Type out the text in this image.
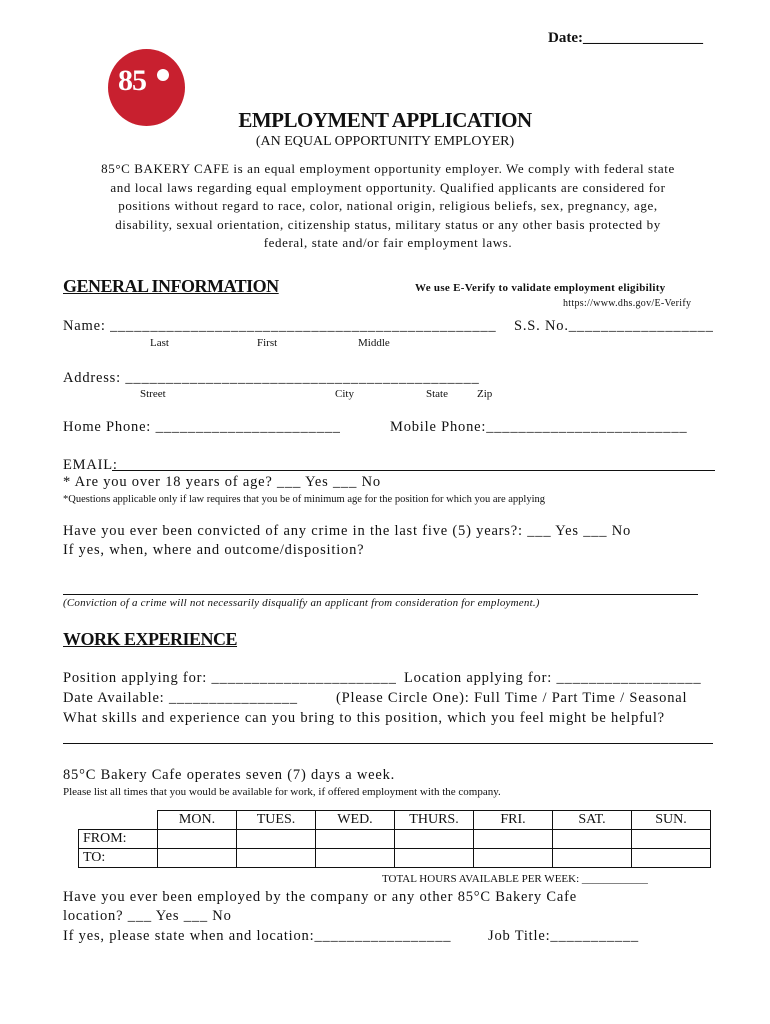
Date:________________
85
EMPLOYMENT APPLICATION
(AN EQUAL OPPORTUNITY EMPLOYER)
85°C BAKERY CAFE is an equal employment opportunity employer. We comply with federal state
and local laws regarding equal employment opportunity. Qualified applicants are considered for
positions without regard to race, color, national origin, religious beliefs, sex, pregnancy, age,
disability, sexual orientation, citizenship status, military status or any other basis protected by
federal, state and/or fair employment laws.
GENERAL INFORMATION	We use E-Verify to validate employment eligibility
https://www.dhs.gov/E-Verify
Name: ________________________________________________ S.S. No.__________________
Last	First	Middle
Address: ____________________________________________
Street	City	State	Zip
Home Phone: _______________________	Mobile Phone:_________________________
EMAIL:
* Are you over 18 years of age? ___ Yes ___ No
*Questions applicable only if law requires that you be of minimum age for the position for which you are applying
Have you ever been convicted of any crime in the last five (5) years?: ___ Yes ___ No
If yes, when, where and outcome/disposition?
(Conviction of a crime will not necessarily disqualify an applicant from consideration for employment.)
WORK EXPERIENCE
Position applying for: _______________________ Location applying for: __________________
Date Available: ________________	(Please Circle One): Full Time / Part Time / Seasonal
What skills and experience can you bring to this position, which you feel might be helpful?
85°C Bakery Cafe operates seven (7) days a week.
Please list all times that you would be available for work, if offered employment with the company.
	MON.	TUES.	WED.	THURS.	FRI.	SAT.	SUN.
FROM:							
TO:							
TOTAL HOURS AVAILABLE PER WEEK: ____________
Have you ever been employed by the company or any other 85°C Bakery Cafe
location? ___ Yes ___ No
If yes, please state when and location:_________________	Job Title:___________
